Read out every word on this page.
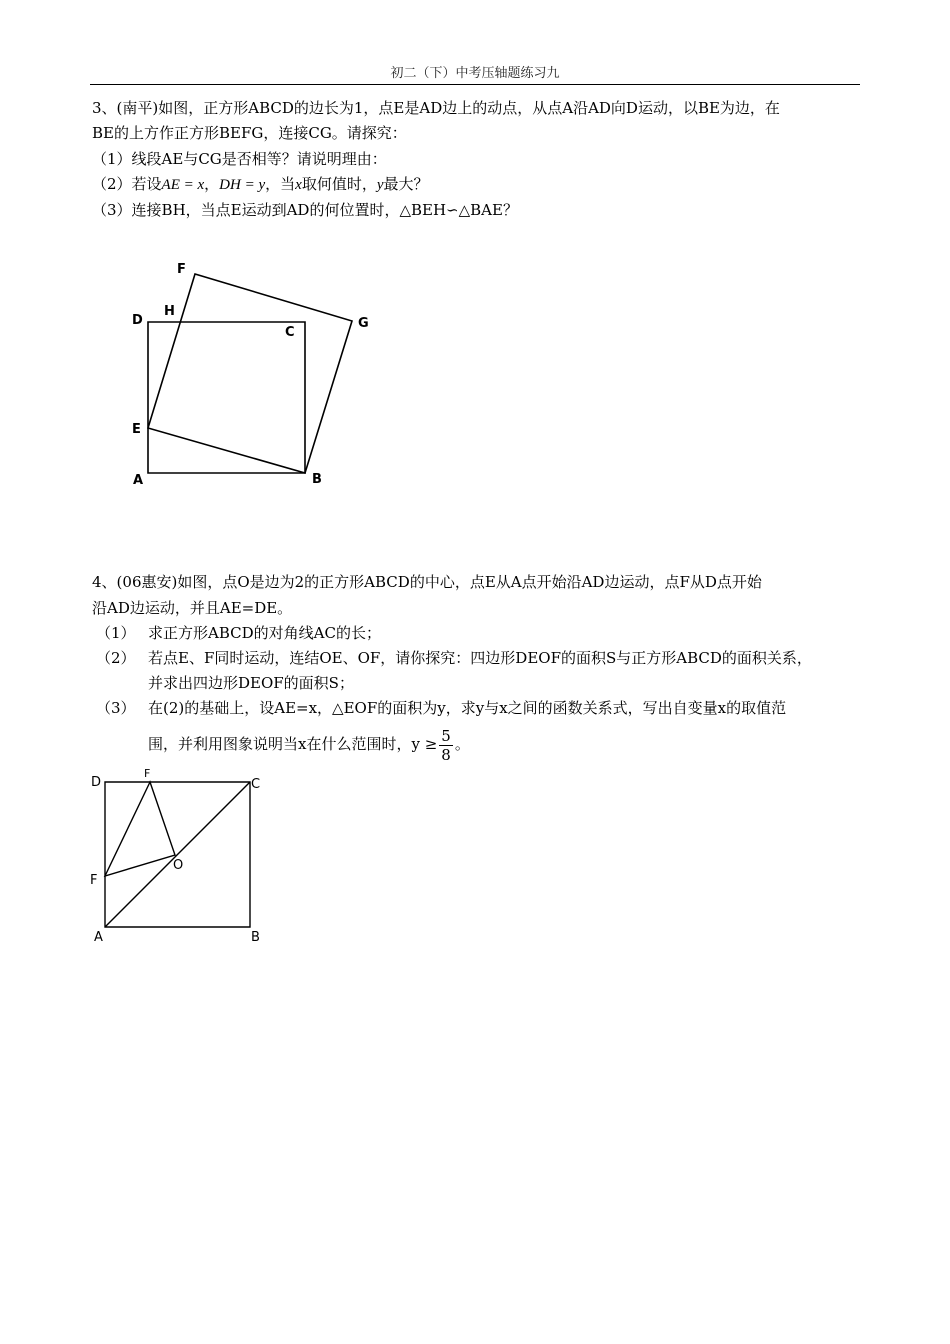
初二（下）中考压轴题练习九
3、(南平)如图，正方形ABCD的边长为1，点E是AD边上的动点，从点A沿AD向D运动，以BE为边，在
BE的上方作正方形BEFG，连接CG。请探究：
（1）线段AE与CG是否相等？请说明理由：
（2）若设AE = x，DH = y，当x取何值时，y最大？
（3）连接BH，当点E运动到AD的何位置时，△BEH∽△BAE？
F
H
D
C
G
E
A	B
4、(06惠安)如图，点O是边为2的正方形ABCD的中心，点E从A点开始沿AD边运动，点F从D点开始
沿AD边运动，并且AE=DE。
（1） 求正方形ABCD的对角线AC的长；
（2） 若点E、F同时运动，连结OE、OF，请你探究：四边形DEOF的面积S与正方形ABCD的面积关系，
并求出四边形DEOF的面积S；
（3） 在(2)的基础上，设AE=x，△EOF的面积为y，求y与x之间的函数关系式，写出自变量x的取值范
围，并利用图象说明当x在什么范围时，$y \ge \frac{5}{8}$ 。
D
F
C
O
F
A	B
